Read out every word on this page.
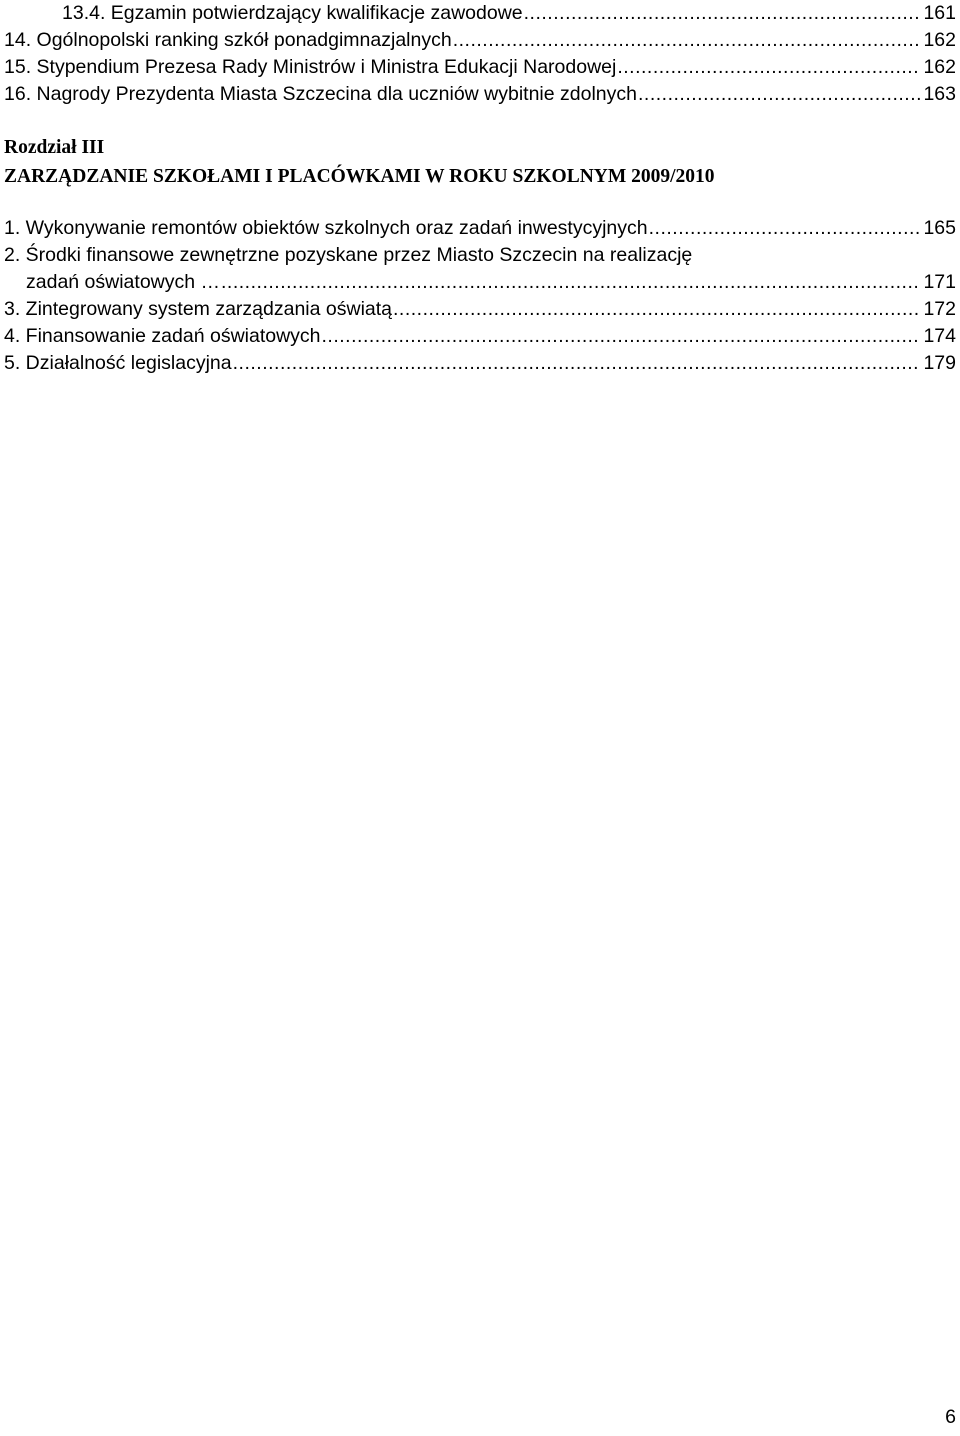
13.4. Egzamin potwierdzający kwalifikacje zawodowe .....	161
14. Ogólnopolski ranking szkół ponadgimnazjalnych .....	162
15. Stypendium Prezesa Rady Ministrów i Ministra Edukacji Narodowej .....	162
16. Nagrody Prezydenta Miasta Szczecina dla uczniów wybitnie zdolnych .....	163
Rozdział III
ZARZĄDZANIE SZKOŁAMI I PLACÓWKAMI W ROKU SZKOLNYM 2009/2010
1. Wykonywanie remontów obiektów szkolnych oraz zadań inwestycyjnych .....	165
2. Środki finansowe zewnętrzne pozyskane przez Miasto Szczecin na realizację
zadań oświatowych … .....	171
3. Zintegrowany system zarządzania oświatą .....	172
4. Finansowanie zadań oświatowych .....	174
5. Działalność legislacyjna .....	179
6
